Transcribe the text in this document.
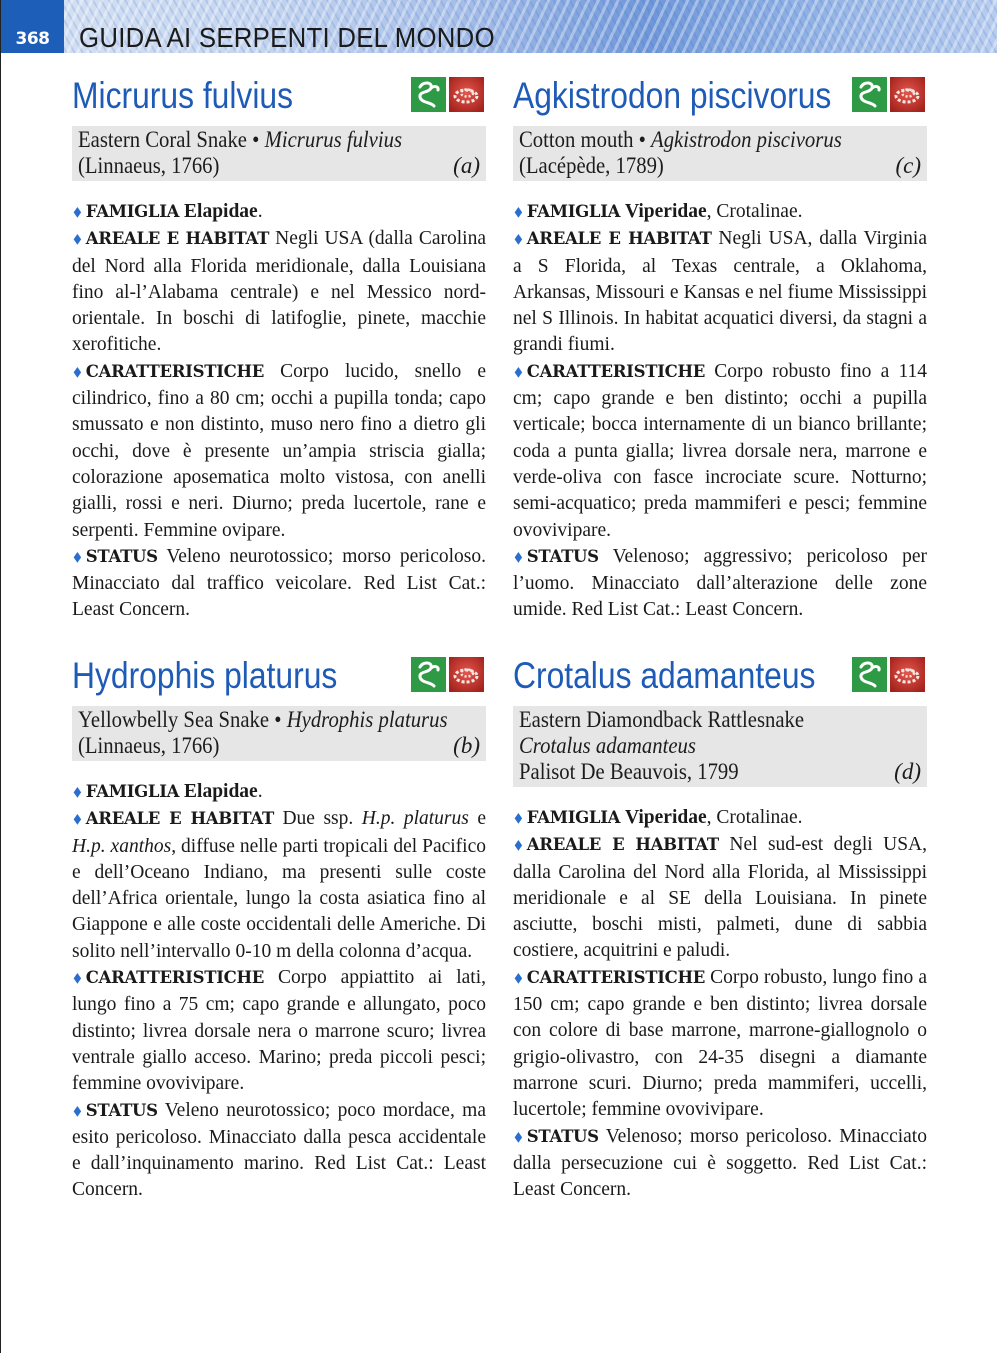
368	GUIDA AI SERPENTI DEL MONDO
Micrurus fulvius
Eastern Coral Snake • Micrurus fulvius
(Linnaeus, 1766)	(a)

◆ FAMIGLIA Elapidae.

◆ AREALE E HABITAT Negli USA (dalla Carolina del Nord alla Florida meridionale, dalla Louisiana fino al-l’Alabama centrale) e nel Messico nord-orientale. In boschi di latifoglie, pinete, macchie xerofitiche.

◆ CARATTERISTICHE Corpo lucido, snello e cilindrico, fino a 80 cm; occhi a pupilla tonda; capo smussato e non distinto, muso nero fino a dietro gli occhi, dove è presente un’ampia striscia gialla; colorazione aposematica molto vistosa, con anelli gialli, rossi e neri. Diurno; preda lucertole, rane e serpenti. Femmine ovipare.

◆ STATUS Veleno neurotossico; morso pericoloso. Minacciato dal traffico veicolare. Red List Cat.: Least Concern.

Agkistrodon piscivorus
Cotton mouth • Agkistrodon piscivorus
(Lacépède, 1789)	(c)

◆ FAMIGLIA Viperidae, Crotalinae.

◆ AREALE E HABITAT Negli USA, dalla Virginia a S Florida, al Texas centrale, a Oklahoma, Arkansas, Missouri e Kansas e nel fiume Mississippi nel S Illinois. In habitat acquatici diversi, da stagni a grandi fiumi.

◆ CARATTERISTICHE Corpo robusto fino a 114 cm; capo grande e ben distinto; occhi a pupilla verticale; bocca internamente di un bianco brillante; coda a punta gialla; livrea dorsale nera, marrone e verde-oliva con fasce incrociate scure. Notturno; semi-acquatico; preda mammiferi e pesci; femmine ovovivipare.

◆ STATUS Velenoso; aggressivo; pericoloso per l’uomo. Minacciato dall’alterazione delle zone umide. Red List Cat.: Least Concern.

Hydrophis platurus
Yellowbelly Sea Snake • Hydrophis platurus
(Linnaeus, 1766)	(b)

◆ FAMIGLIA Elapidae.

◆ AREALE E HABITAT Due ssp. H.p. platurus e H.p. xanthos, diffuse nelle parti tropicali del Pacifico e dell’Oceano Indiano, ma presenti sulle coste dell’Africa orientale, lungo la costa asiatica fino al Giappone e alle coste occidentali delle Americhe. Di solito nell’intervallo 0-10 m della colonna d’acqua.

◆ CARATTERISTICHE Corpo appiattito ai lati, lungo fino a 75 cm; capo grande e allungato, poco distinto; livrea dorsale nera o marrone scuro; livrea ventrale giallo acceso. Marino; preda piccoli pesci; femmine ovovivipare.

◆ STATUS Veleno neurotossico; poco mordace, ma esito pericoloso. Minacciato dalla pesca accidentale e dall’inquinamento marino. Red List Cat.: Least Concern.

Crotalus adamanteus
Eastern Diamondback Rattlesnake
Crotalus adamanteus
Palisot De Beauvois, 1799	(d)

◆ FAMIGLIA Viperidae, Crotalinae.

◆ AREALE E HABITAT Nel sud-est degli USA, dalla Carolina del Nord alla Florida, al Mississippi meridionale e al SE della Louisiana. In pinete asciutte, boschi misti, palmeti, dune di sabbia costiere, acquitrini e paludi.

◆ CARATTERISTICHE Corpo robusto, lungo fino a 150 cm; capo grande e ben distinto; livrea dorsale con colore di base marrone, marrone-giallognolo o grigio-olivastro, con 24-35 disegni a diamante marrone scuri. Diurno; preda mammiferi, uccelli, lucertole; femmine ovovivipare.

◆ STATUS Velenoso; morso pericoloso. Minacciato dalla persecuzione cui è soggetto. Red List Cat.: Least Concern.
